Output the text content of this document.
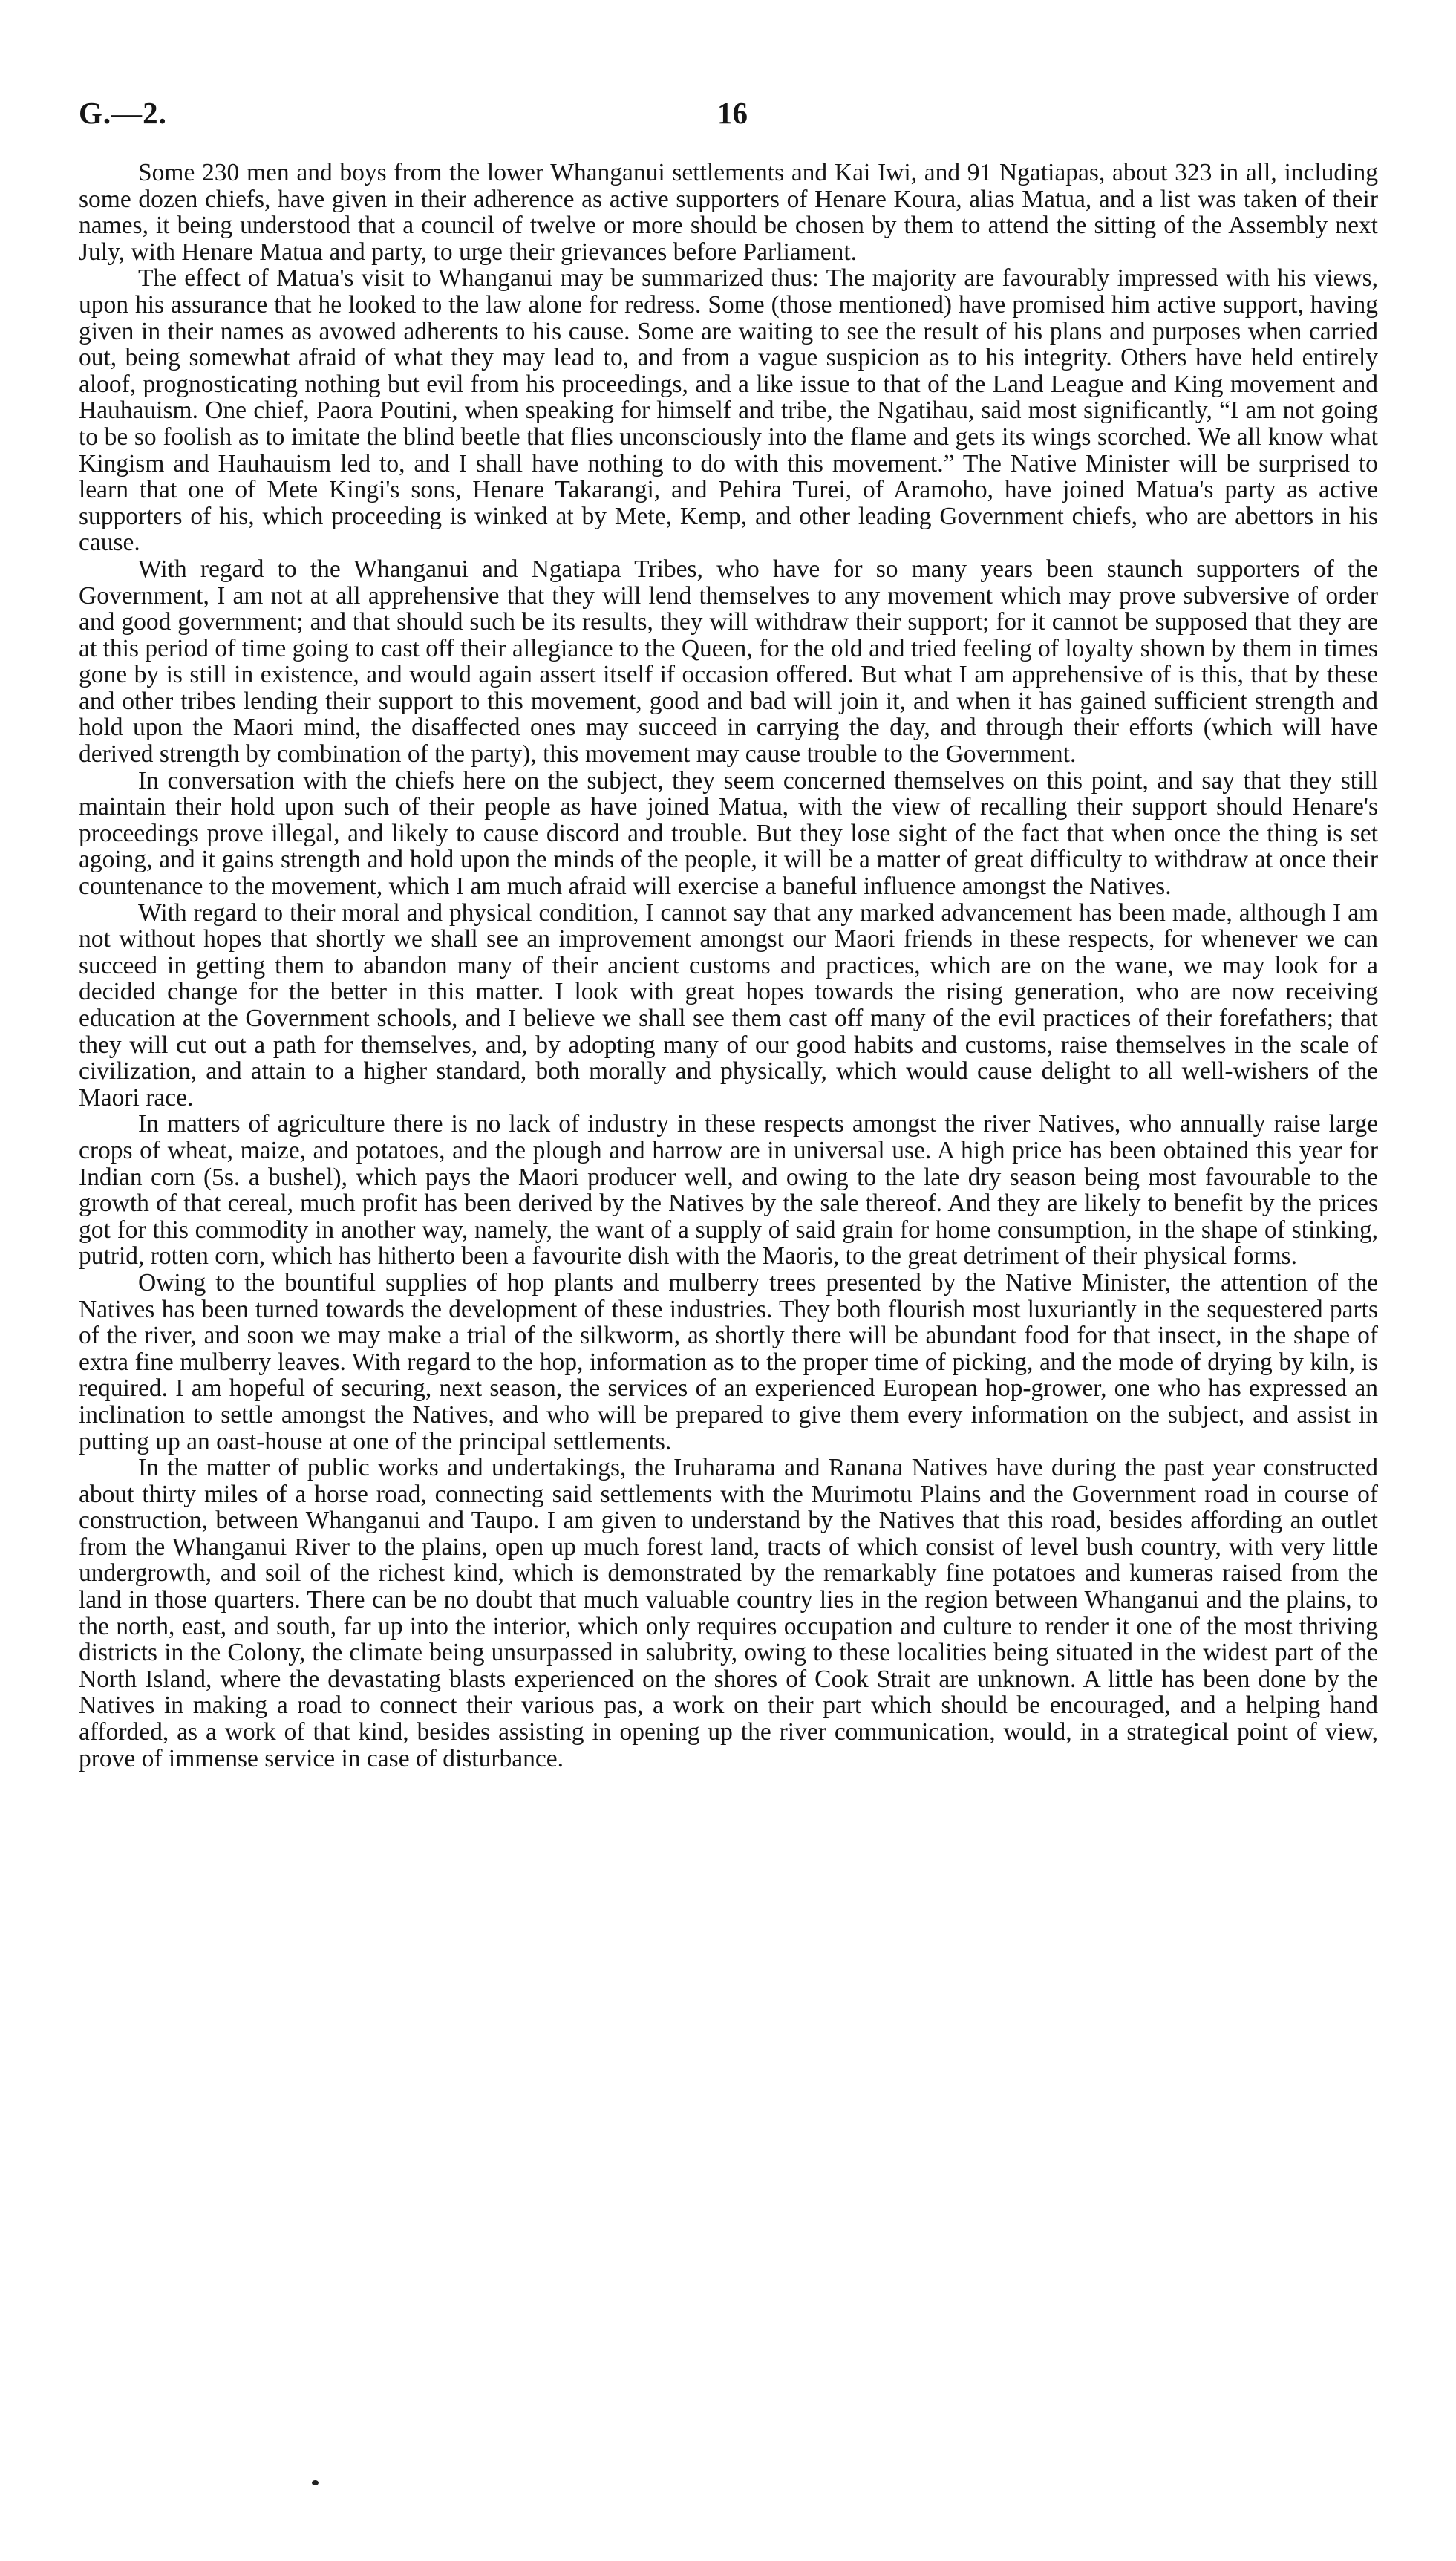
G.—2.	16

Some 230 men and boys from the lower Whanganui settlements and Kai Iwi, and 91 Ngatiapas, about 323 in all, including some dozen chiefs, have given in their adherence as active supporters of Henare Koura, alias Matua, and a list was taken of their names, it being understood that a council of twelve or more should be chosen by them to attend the sitting of the Assembly next July, with Henare Matua and party, to urge their grievances before Parliament.

The effect of Matua's visit to Whanganui may be summarized thus: The majority are favourably impressed with his views, upon his assurance that he looked to the law alone for redress. Some (those mentioned) have promised him active support, having given in their names as avowed adherents to his cause. Some are waiting to see the result of his plans and purposes when carried out, being somewhat afraid of what they may lead to, and from a vague suspicion as to his integrity. Others have held entirely aloof, prognosticating nothing but evil from his proceedings, and a like issue to that of the Land League and King movement and Hauhauism. One chief, Paora Poutini, when speaking for himself and tribe, the Ngatihau, said most significantly, “I am not going to be so foolish as to imitate the blind beetle that flies unconsciously into the flame and gets its wings scorched. We all know what Kingism and Hauhauism led to, and I shall have nothing to do with this movement.” The Native Minister will be surprised to learn that one of Mete Kingi's sons, Henare Takarangi, and Pehira Turei, of Aramoho, have joined Matua's party as active supporters of his, which proceeding is winked at by Mete, Kemp, and other leading Government chiefs, who are abettors in his cause.

With regard to the Whanganui and Ngatiapa Tribes, who have for so many years been staunch supporters of the Government, I am not at all apprehensive that they will lend themselves to any movement which may prove subversive of order and good government; and that should such be its results, they will withdraw their support; for it cannot be supposed that they are at this period of time going to cast off their allegiance to the Queen, for the old and tried feeling of loyalty shown by them in times gone by is still in existence, and would again assert itself if occasion offered. But what I am apprehensive of is this, that by these and other tribes lending their support to this movement, good and bad will join it, and when it has gained sufficient strength and hold upon the Maori mind, the disaffected ones may succeed in carrying the day, and through their efforts (which will have derived strength by combination of the party), this movement may cause trouble to the Government.

In conversation with the chiefs here on the subject, they seem concerned themselves on this point, and say that they still maintain their hold upon such of their people as have joined Matua, with the view of recalling their support should Henare's proceedings prove illegal, and likely to cause discord and trouble. But they lose sight of the fact that when once the thing is set agoing, and it gains strength and hold upon the minds of the people, it will be a matter of great difficulty to withdraw at once their countenance to the movement, which I am much afraid will exercise a baneful influence amongst the Natives.

With regard to their moral and physical condition, I cannot say that any marked advancement has been made, although I am not without hopes that shortly we shall see an improvement amongst our Maori friends in these respects, for whenever we can succeed in getting them to abandon many of their ancient customs and practices, which are on the wane, we may look for a decided change for the better in this matter. I look with great hopes towards the rising generation, who are now receiving education at the Government schools, and I believe we shall see them cast off many of the evil practices of their forefathers; that they will cut out a path for themselves, and, by adopting many of our good habits and customs, raise themselves in the scale of civilization, and attain to a higher standard, both morally and physically, which would cause delight to all well-wishers of the Maori race.

In matters of agriculture there is no lack of industry in these respects amongst the river Natives, who annually raise large crops of wheat, maize, and potatoes, and the plough and harrow are in universal use. A high price has been obtained this year for Indian corn (5s. a bushel), which pays the Maori producer well, and owing to the late dry season being most favourable to the growth of that cereal, much profit has been derived by the Natives by the sale thereof. And they are likely to benefit by the prices got for this commodity in another way, namely, the want of a supply of said grain for home consumption, in the shape of stinking, putrid, rotten corn, which has hitherto been a favourite dish with the Maoris, to the great detriment of their physical forms.

Owing to the bountiful supplies of hop plants and mulberry trees presented by the Native Minister, the attention of the Natives has been turned towards the development of these industries. They both flourish most luxuriantly in the sequestered parts of the river, and soon we may make a trial of the silkworm, as shortly there will be abundant food for that insect, in the shape of extra fine mulberry leaves. With regard to the hop, information as to the proper time of picking, and the mode of drying by kiln, is required. I am hopeful of securing, next season, the services of an experienced European hop-grower, one who has expressed an inclination to settle amongst the Natives, and who will be prepared to give them every information on the subject, and assist in putting up an oast-house at one of the principal settlements.

In the matter of public works and undertakings, the Iruharama and Ranana Natives have during the past year constructed about thirty miles of a horse road, connecting said settlements with the Murimotu Plains and the Government road in course of construction, between Whanganui and Taupo. I am given to understand by the Natives that this road, besides affording an outlet from the Whanganui River to the plains, open up much forest land, tracts of which consist of level bush country, with very little undergrowth, and soil of the richest kind, which is demonstrated by the remarkably fine potatoes and kumeras raised from the land in those quarters. There can be no doubt that much valuable country lies in the region between Whanganui and the plains, to the north, east, and south, far up into the interior, which only requires occupation and culture to render it one of the most thriving districts in the Colony, the climate being unsurpassed in salubrity, owing to these localities being situated in the widest part of the North Island, where the devastating blasts experienced on the shores of Cook Strait are unknown. A little has been done by the Natives in making a road to connect their various pas, a work on their part which should be encouraged, and a helping hand afforded, as a work of that kind, besides assisting in opening up the river communication, would, in a strategical point of view, prove of immense service in case of disturbance.
